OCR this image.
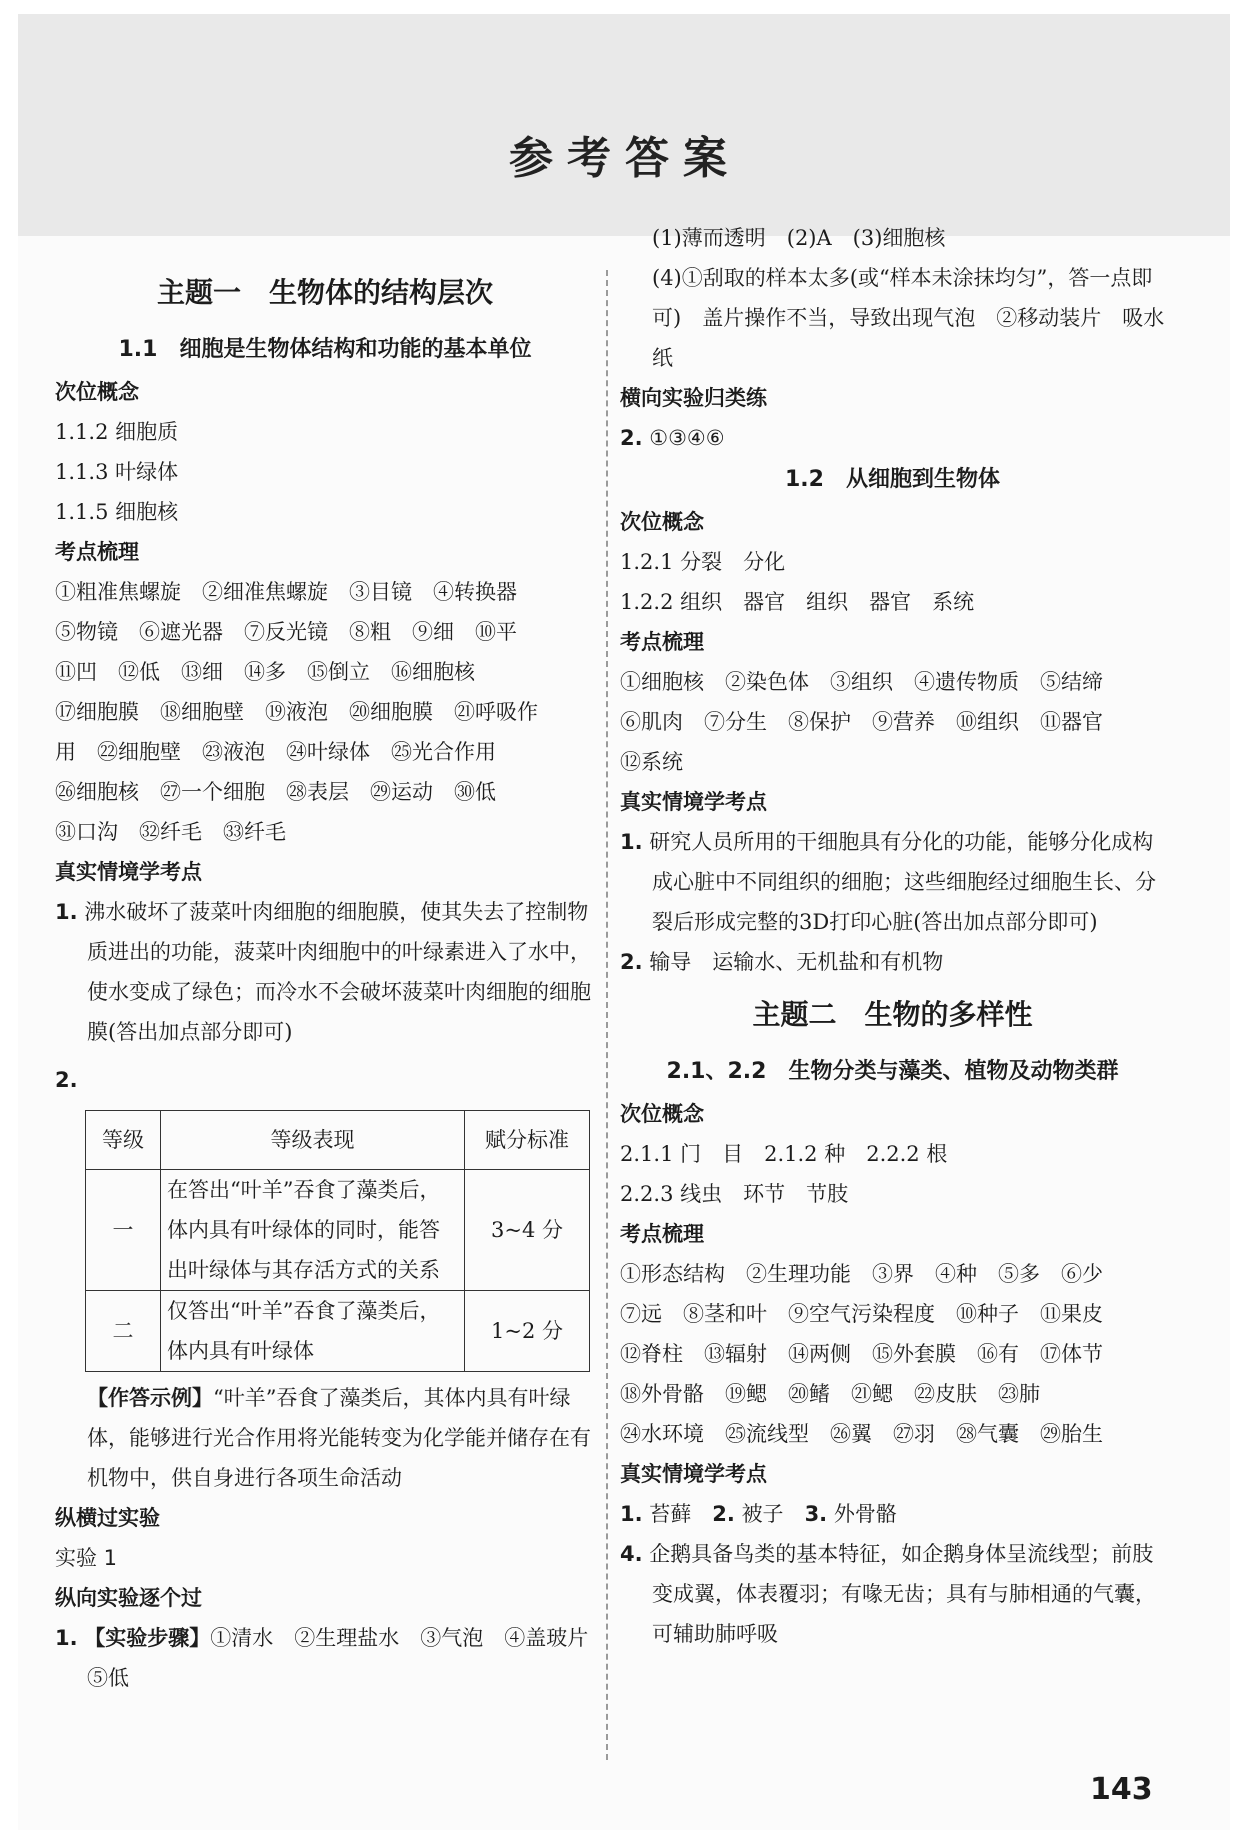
参考答案
主题一　生物体的结构层次
1.1　细胞是生物体结构和功能的基本单位

次位概念

1.1.2 细胞质

1.1.3 叶绿体

1.1.5 细胞核

考点梳理

①粗准焦螺旋　②细准焦螺旋　③目镜　④转换器

⑤物镜　⑥遮光器　⑦反光镜　⑧粗　⑨细　⑩平

⑪凹　⑫低　⑬细　⑭多　⑮倒立　⑯细胞核

⑰细胞膜　⑱细胞壁　⑲液泡　⑳细胞膜　㉑呼吸作

用　㉒细胞壁　㉓液泡　㉔叶绿体　㉕光合作用

㉖细胞核　㉗一个细胞　㉘表层　㉙运动　㉚低

㉛口沟　㉜纤毛　㉝纤毛

真实情境学考点

1. 沸水破坏了菠菜叶肉细胞的细胞膜，使其失去了控制物质进出的功能，菠菜叶肉细胞中的叶绿素进入了水中，使水变成了绿色；而冷水不会破坏菠菜叶肉细胞的细胞膜(答出加点部分即可)

2.

等级	等级表现	赋分标准
一	在答出“叶羊”吞食了藻类后，体内具有叶绿体的同时，能答出叶绿体与其存活方式的关系	3~4 分
二	仅答出“叶羊”吞食了藻类后，体内具有叶绿体	1~2 分

【作答示例】“叶羊”吞食了藻类后，其体内具有叶绿体，能够进行光合作用将光能转变为化学能并储存在有机物中，供自身进行各项生命活动

纵横过实验

实验 1

纵向实验逐个过

1. 【实验步骤】①清水　②生理盐水　③气泡　④盖玻片　⑤低

(1)薄而透明　(2)A　(3)细胞核

(4)①刮取的样本太多(或“样本未涂抹均匀”，答一点即可)　盖片操作不当，导致出现气泡　②移动装片　吸水纸

横向实验归类练

2. ①③④⑥

1.2　从细胞到生物体

次位概念

1.2.1 分裂　分化

1.2.2 组织　器官　组织　器官　系统

考点梳理

①细胞核　②染色体　③组织　④遗传物质　⑤结缔

⑥肌肉　⑦分生　⑧保护　⑨营养　⑩组织　⑪器官

⑫系统

真实情境学考点

1. 研究人员所用的干细胞具有分化的功能，能够分化成构成心脏中不同组织的细胞；这些细胞经过细胞生长、分裂后形成完整的3D打印心脏(答出加点部分即可)

2. 输导　运输水、无机盐和有机物

主题二　生物的多样性
2.1、2.2　生物分类与藻类、植物及动物类群

次位概念

2.1.1 门　目　2.1.2 种　2.2.2 根

2.2.3 线虫　环节　节肢

考点梳理

①形态结构　②生理功能　③界　④种　⑤多　⑥少

⑦远　⑧茎和叶　⑨空气污染程度　⑩种子　⑪果皮

⑫脊柱　⑬辐射　⑭两侧　⑮外套膜　⑯有　⑰体节

⑱外骨骼　⑲鳃　⑳鳍　㉑鳃　㉒皮肤　㉓肺

㉔水环境　㉕流线型　㉖翼　㉗羽　㉘气囊　㉙胎生

真实情境学考点

1. 苔藓　 2. 被子　 3. 外骨骼

4. 企鹅具备鸟类的基本特征，如企鹅身体呈流线型；前肢变成翼，体表覆羽；有喙无齿；具有与肺相通的气囊，可辅助肺呼吸

143
